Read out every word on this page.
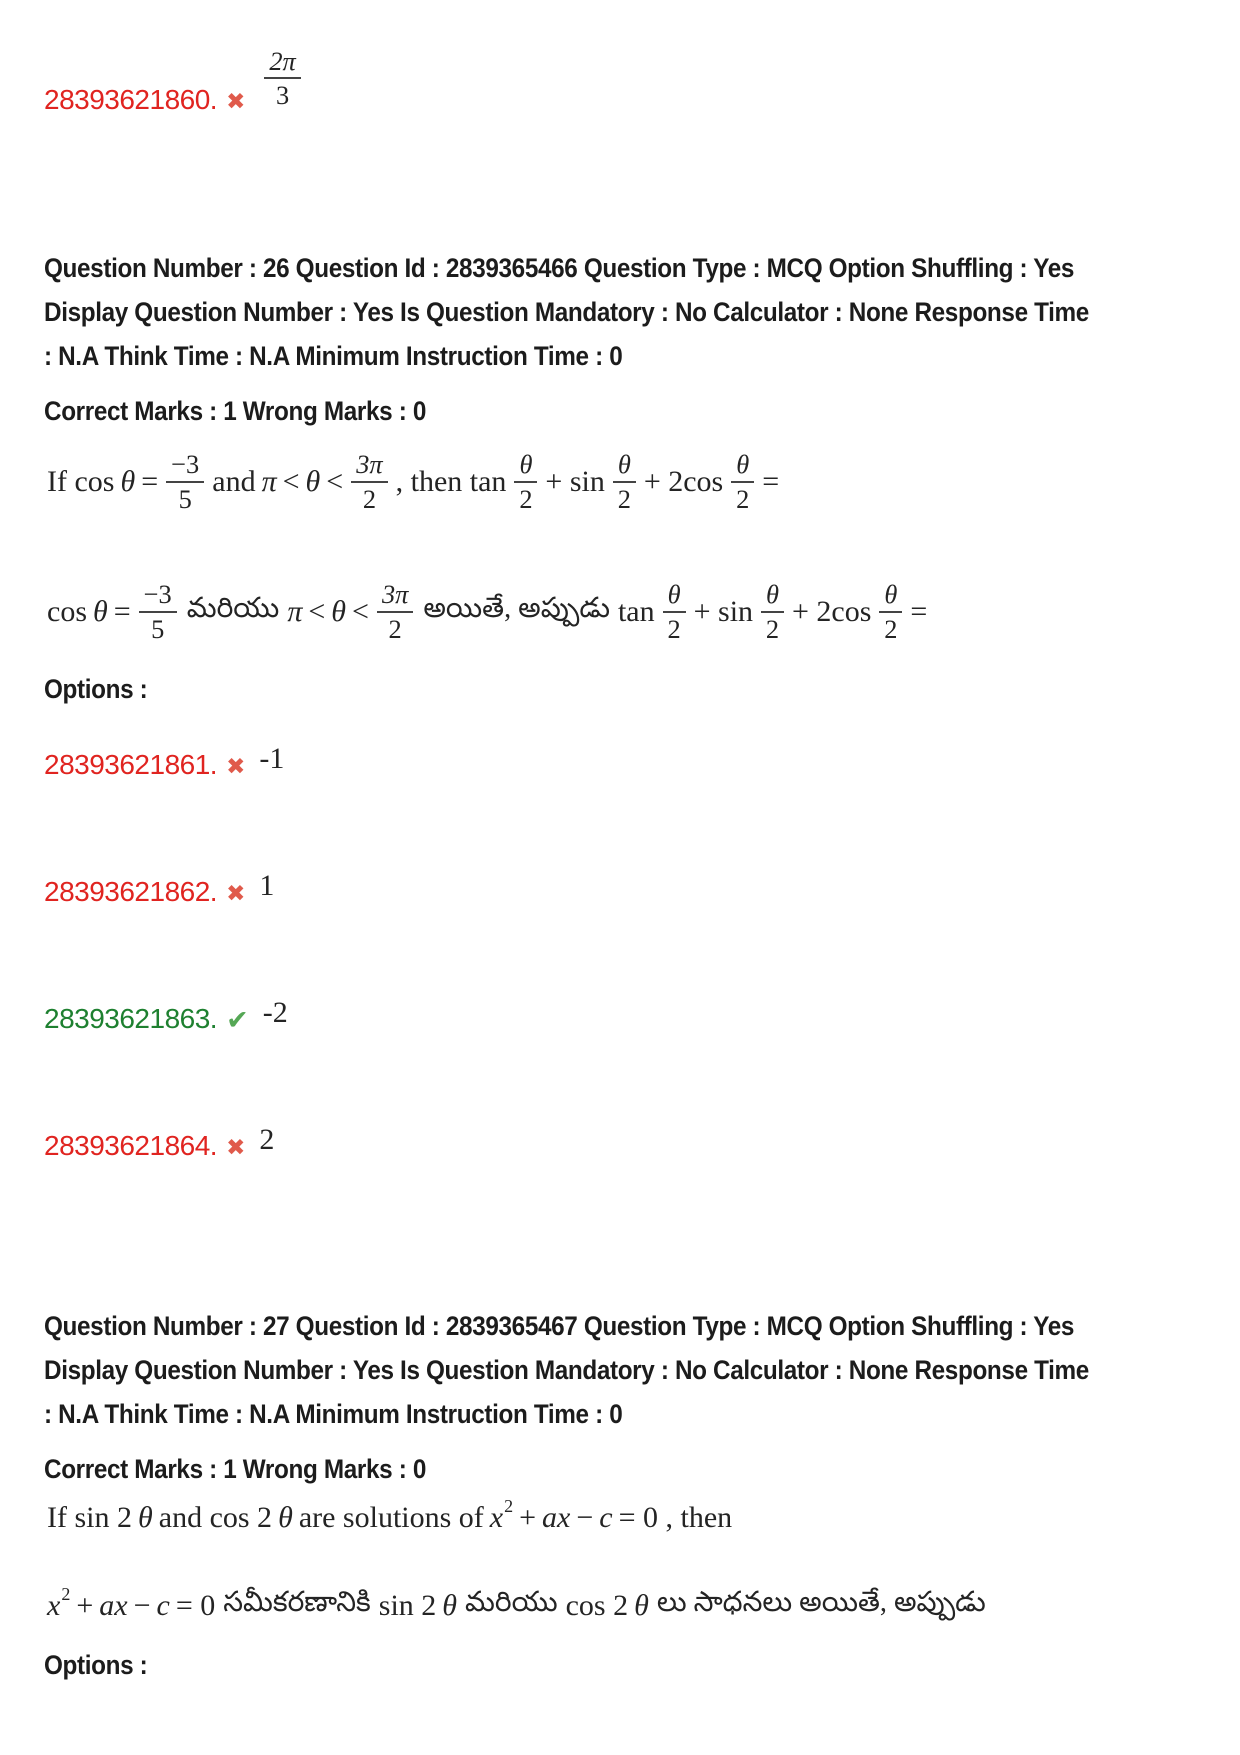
28393621860. ✖ $\frac{2\pi}{3}$
Question Number : 26 Question Id : 2839365466 Question Type : MCQ Option Shuffling : Yes
Display Question Number : Yes Is Question Mandatory : No Calculator : None Response Time
: N.A Think Time : N.A Minimum Instruction Time : 0
Correct Marks : 1 Wrong Marks : 0
If $\cos \theta = \frac{-3}{5}$ and $\pi < \theta < \frac{3\pi}{2}$ , then $\tan \frac{\theta}{2} + \sin \frac{\theta}{2} + 2\cos \frac{\theta}{2}$ =
$\cos \theta = \frac{-3}{5}$ మరియు $\pi < \theta < \frac{3\pi}{2}$ అయితే, అప్పుడు $\tan \frac{\theta}{2} + \sin \frac{\theta}{2} + 2\cos \frac{\theta}{2}$ =
Options :
28393621861. ✖ -1
28393621862. ✖ 1
28393621863. ✔ -2
28393621864. ✖ 2
Question Number : 27 Question Id : 2839365467 Question Type : MCQ Option Shuffling : Yes
Display Question Number : Yes Is Question Mandatory : No Calculator : None Response Time
: N.A Think Time : N.A Minimum Instruction Time : 0
Correct Marks : 1 Wrong Marks : 0
If sin 2 θ and cos 2 θ are solutions of x 2 + ax − c = 0 , then
x 2 + ax − c = 0 సమీకరణానికి sin 2 θ మరియు cos 2 θ లు సాధనలు అయితే, అప్పుడు
Options :
